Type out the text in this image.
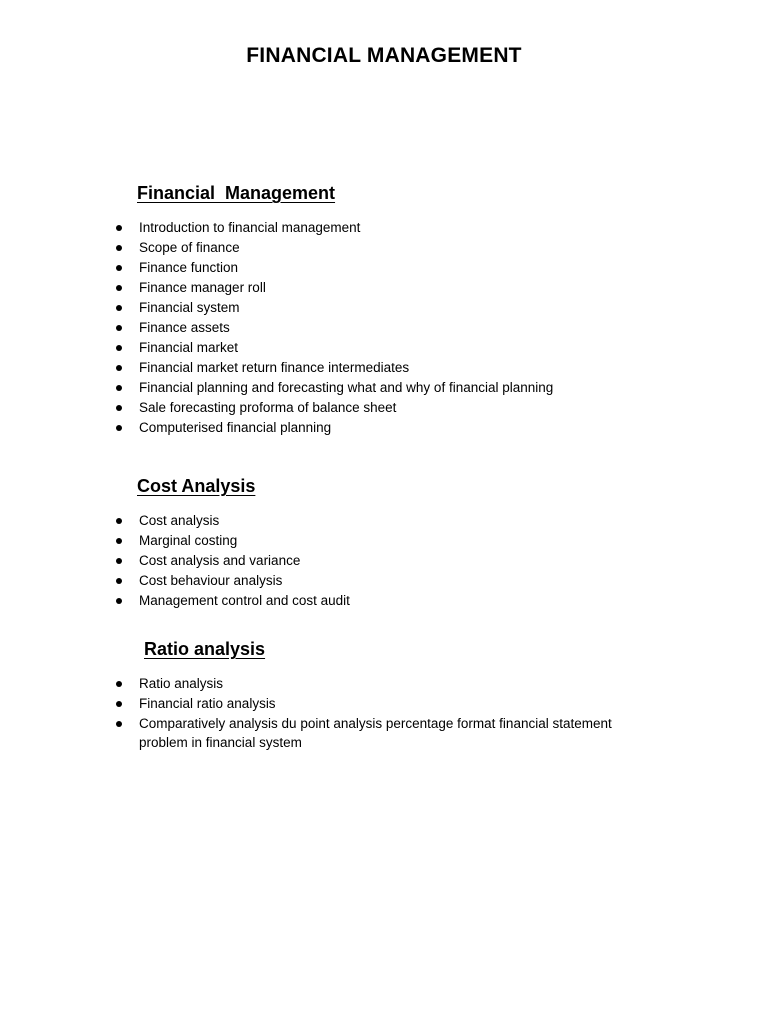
FINANCIAL MANAGEMENT
Financial  Management
Introduction to financial management
Scope of finance
Finance function
Finance manager roll
Financial system
Finance assets
Financial market
Financial market return finance intermediates
Financial planning and forecasting what and why of financial planning
Sale forecasting proforma of balance sheet
Computerised financial planning
Cost Analysis
Cost analysis
Marginal costing
Cost analysis and variance
Cost behaviour analysis
Management control and cost audit
Ratio analysis
Ratio analysis
Financial ratio analysis
Comparatively analysis du point analysis percentage format financial statement problem in financial system
